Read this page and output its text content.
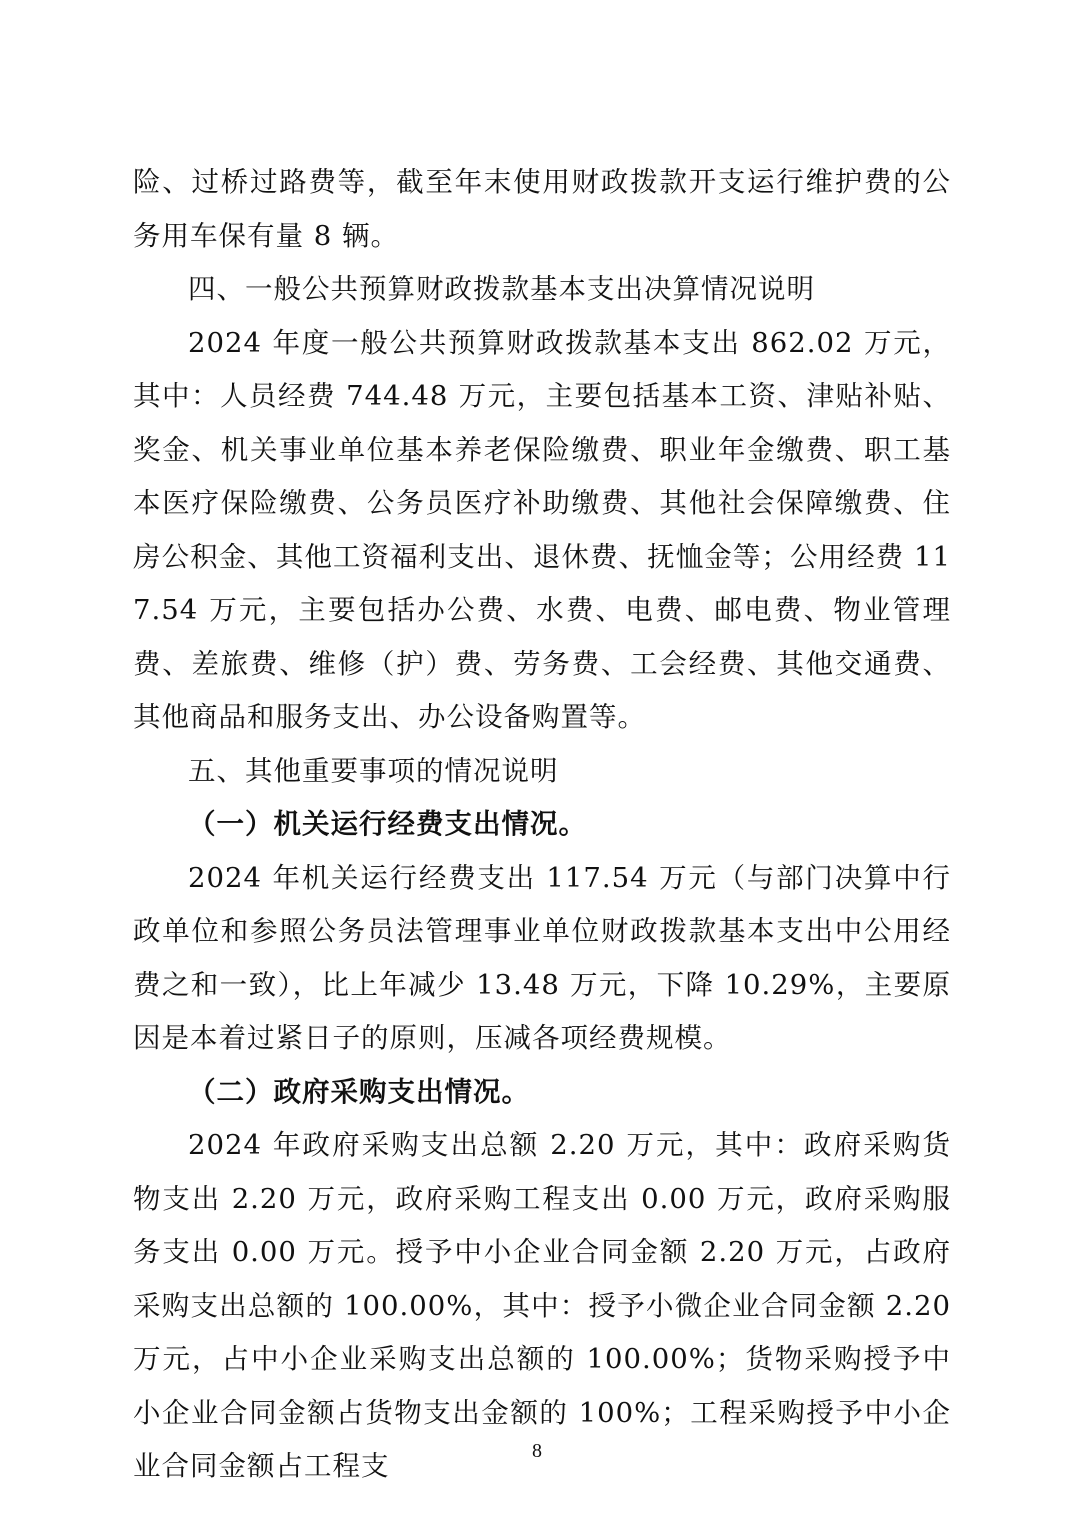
险、过桥过路费等，截至年末使用财政拨款开支运行维护费的公务用车保有量 8 辆。

四、一般公共预算财政拨款基本支出决算情况说明

2024 年度一般公共预算财政拨款基本支出 862.02 万元，其中：人员经费 744.48 万元，主要包括基本工资、津贴补贴、奖金、机关事业单位基本养老保险缴费、职业年金缴费、职工基本医疗保险缴费、公务员医疗补助缴费、其他社会保障缴费、住房公积金、其他工资福利支出、退休费、抚恤金等；公用经费 117.54 万元，主要包括办公费、水费、电费、邮电费、物业管理费、差旅费、维修（护）费、劳务费、工会经费、其他交通费、其他商品和服务支出、办公设备购置等。

五、其他重要事项的情况说明

（一）机关运行经费支出情况。

2024 年机关运行经费支出 117.54 万元（与部门决算中行政单位和参照公务员法管理事业单位财政拨款基本支出中公用经费之和一致），比上年减少 13.48 万元，下降 10.29%，主要原因是本着过紧日子的原则，压减各项经费规模。

（二）政府采购支出情况。

2024 年政府采购支出总额 2.20 万元，其中：政府采购货物支出 2.20 万元，政府采购工程支出 0.00 万元，政府采购服务支出 0.00 万元。授予中小企业合同金额 2.20 万元，占政府采购支出总额的 100.00%，其中：授予小微企业合同金额 2.20 万元，占中小企业采购支出总额的 100.00%；货物采购授予中小企业合同金额占货物支出金额的 100%；工程采购授予中小企业合同金额占工程支	8
